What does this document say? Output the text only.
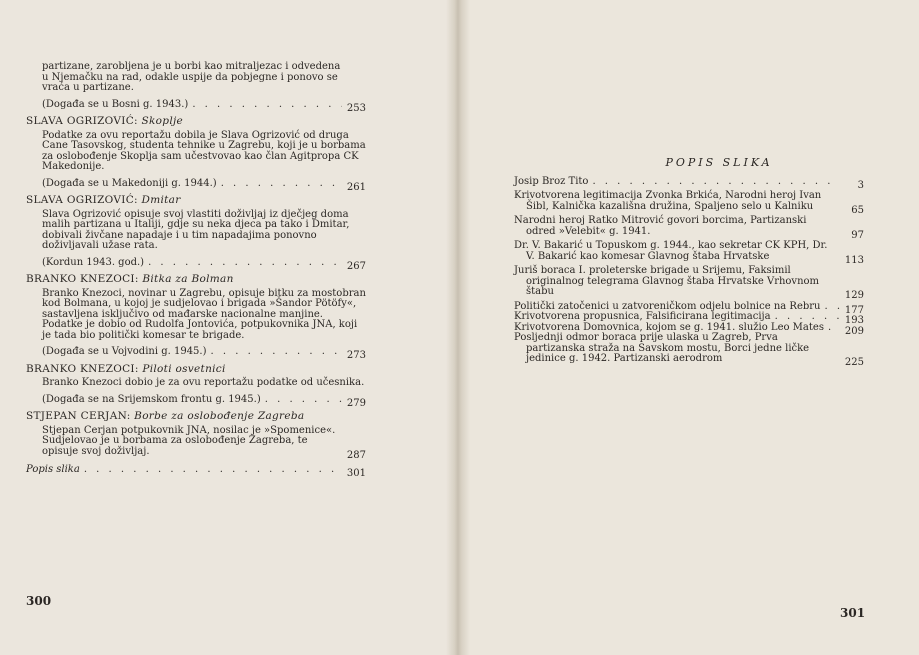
partizane, zarobljena je u borbi kao mitraljezac i odvedena
u Njemačku na rad, odakle uspije da pobjegne i ponovo se
vraća u partizane.
(Događa se u Bosni g. 1943.) . . .	253
SLAVA OGRIZOVIĆ: Skoplje
Podatke za ovu reportažu dobila je Slava Ogrizović od druga Cane Tasovskog, studenta tehnike u Zagrebu, koji je u borbama za oslobođenje Skoplja sam učestvovao kao član Agitpropa CK Makedonije.
(Događa se u Makedoniji g. 1944.) . . .	261
SLAVA OGRIZOVIĆ: Dmitar
Slava Ogrizović opisuje svoj vlastiti doživljaj iz dječjeg doma malih partizana u Italiji, gdje su neka djeca pa tako i Dmitar, dobivali živčane napadaje i u tim napadajima ponovno doživljavali užase rata.
(Kordun 1943. god.) . . .	267
BRANKO KNEZOCI: Bitka za Bolman
Branko Knezoci, novinar u Zagrebu, opisuje bitku za mostobran kod Bolmana, u kojoj je sudjelovao i brigada »Šandor Pötöfy«, sastavljena isključivo od mađarske nacionalne manjine. Podatke je dobio od Rudolfa Jontovića, potpukovnika JNA, koji je tada bio politički komesar te brigade.
(Događa se u Vojvodini g. 1945.) . . .	273
BRANKO KNEZOCI: Piloti osvetnici
Branko Knezoci dobio je za ovu reportažu podatke od učesnika.
(Događa se na Srijemskom frontu g. 1945.) . . .	279
STJEPAN CERJAN: Borbe za oslobođenje Zagreba
Stjepan Cerjan potpukovnik JNA, nosilac je »Spomenice«. Sudjelovao je u borbama za oslobođenje Zagreba, te opisuje svoj doživljaj.	287
Popis slika . . .	301
300
POPIS SLIKA
Josip Broz Tito . . .	3
Krivotvorena legitimacija Zvonka Brkića, Narodni heroj Ivan Šibl, Kalnička kazališna družina, Spaljeno selo u Kalniku	65
Narodni heroj Ratko Mitrović govori borcima, Partizanski odred »Velebit« g. 1941.	97
Dr. V. Bakarić u Topuskom g. 1944., kao sekretar CK KPH, Dr. V. Bakarić kao komesar Glavnog štaba Hrvatske	113
Juriš boraca I. proleterske brigade u Srijemu, Faksimil originalnog telegrama Glavnog štaba Hrvatske Vrhovnom štabu	129
Politički zatočenici u zatvoreničkom odjelu bolnice na Rebru . . . 177
Krivotvorena propusnica, Falsificirana legitimacija . . .	193
Krivotvorena Domovnica, kojom se g. 1941. služio Leo Mates . . . 209
Posljednji odmor boraca prije ulaska u Zagreb, Prva partizanska straža na Savskom mostu, Borci jedne ličke jedinice g. 1942. Partizanski aerodrom	225
301
